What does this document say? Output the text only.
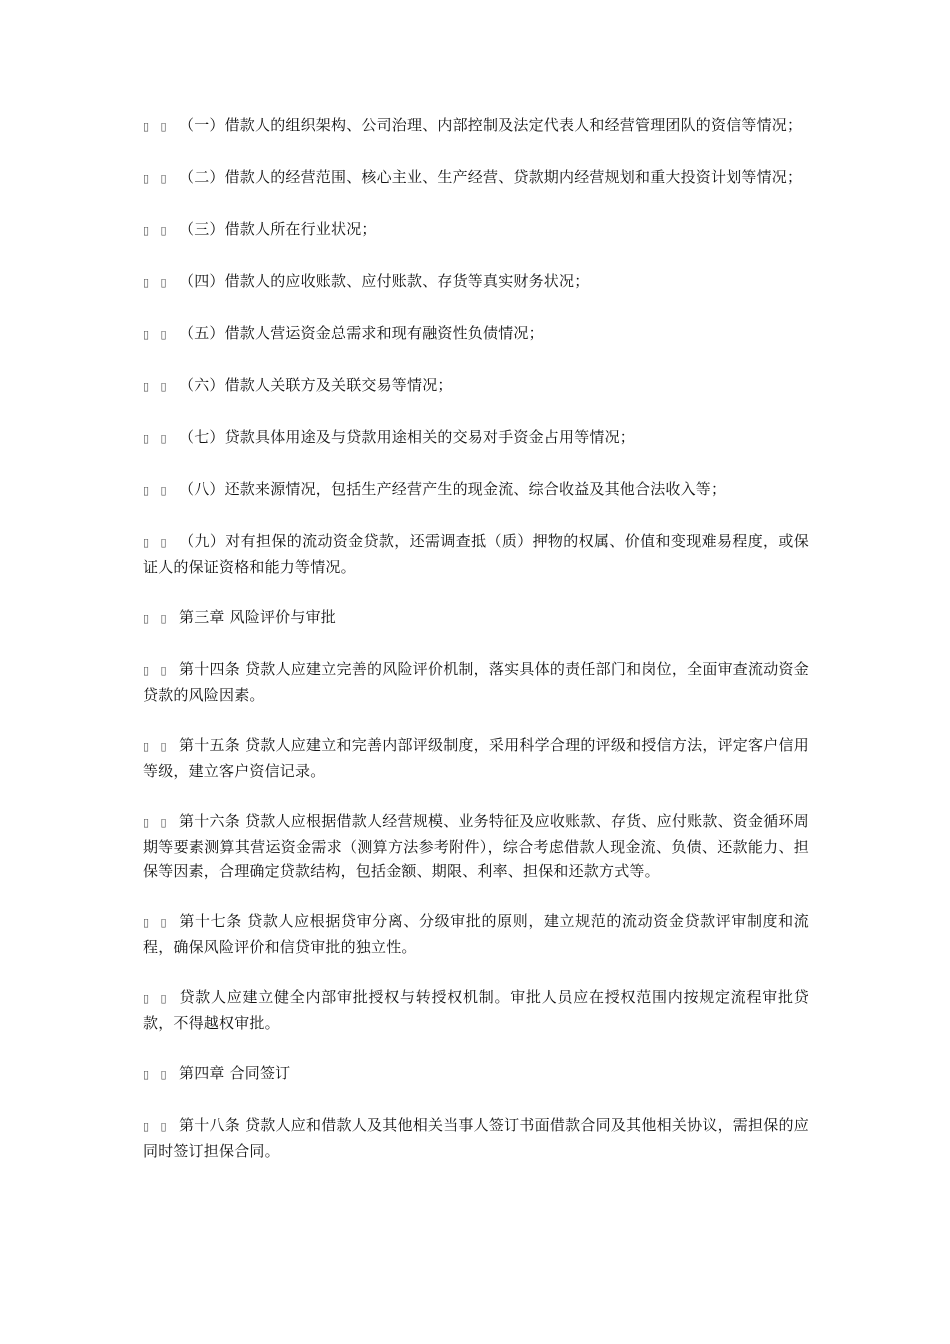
▯ ▯ （一）借款人的组织架构、公司治理、内部控制及法定代表人和经营管理团队的资信等情况；

▯ ▯ （二）借款人的经营范围、核心主业、生产经营、贷款期内经营规划和重大投资计划等情况；

▯ ▯ （三）借款人所在行业状况；

▯ ▯ （四）借款人的应收账款、应付账款、存货等真实财务状况；

▯ ▯ （五）借款人营运资金总需求和现有融资性负债情况；

▯ ▯ （六）借款人关联方及关联交易等情况；

▯ ▯ （七）贷款具体用途及与贷款用途相关的交易对手资金占用等情况；

▯ ▯ （八）还款来源情况，包括生产经营产生的现金流、综合收益及其他合法收入等；

▯ ▯ （九）对有担保的流动资金贷款，还需调查抵（质）押物的权属、价值和变现难易程度，或保证人的保证资格和能力等情况。

▯ ▯ 第三章 风险评价与审批

▯ ▯ 第十四条 贷款人应建立完善的风险评价机制，落实具体的责任部门和岗位，全面审查流动资金贷款的风险因素。

▯ ▯ 第十五条 贷款人应建立和完善内部评级制度，采用科学合理的评级和授信方法，评定客户信用等级，建立客户资信记录。

▯ ▯ 第十六条 贷款人应根据借款人经营规模、业务特征及应收账款、存货、应付账款、资金循环周期等要素测算其营运资金需求（测算方法参考附件），综合考虑借款人现金流、负债、还款能力、担保等因素，合理确定贷款结构，包括金额、期限、利率、担保和还款方式等。

▯ ▯ 第十七条 贷款人应根据贷审分离、分级审批的原则，建立规范的流动资金贷款评审制度和流程，确保风险评价和信贷审批的独立性。

▯ ▯ 贷款人应建立健全内部审批授权与转授权机制。审批人员应在授权范围内按规定流程审批贷款，不得越权审批。

▯ ▯ 第四章 合同签订

▯ ▯ 第十八条 贷款人应和借款人及其他相关当事人签订书面借款合同及其他相关协议，需担保的应同时签订担保合同。
